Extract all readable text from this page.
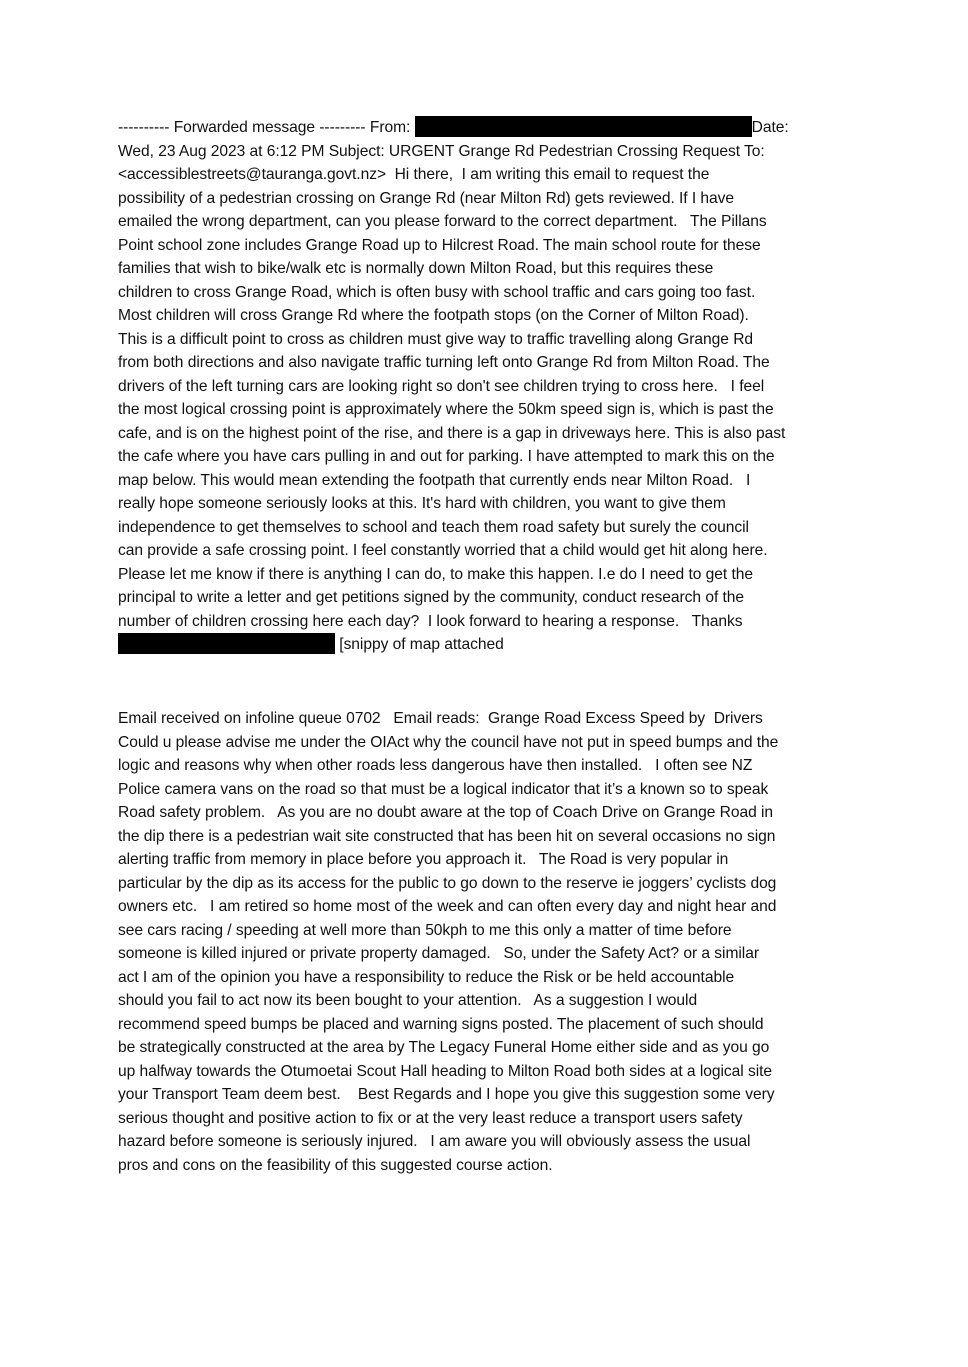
---------- Forwarded message --------- From:	Date:
Wed, 23 Aug 2023 at 6:12 PM Subject: URGENT Grange Rd Pedestrian Crossing Request To:
<accessiblestreets@tauranga.govt.nz>  Hi there,  I am writing this email to request the
possibility of a pedestrian crossing on Grange Rd (near Milton Rd) gets reviewed. If I have
emailed the wrong department, can you please forward to the correct department.   The Pillans
Point school zone includes Grange Road up to Hilcrest Road. The main school route for these
families that wish to bike/walk etc is normally down Milton Road, but this requires these
children to cross Grange Road, which is often busy with school traffic and cars going too fast.
Most children will cross Grange Rd where the footpath stops (on the Corner of Milton Road).
This is a difficult point to cross as children must give way to traffic travelling along Grange Rd
from both directions and also navigate traffic turning left onto Grange Rd from Milton Road. The
drivers of the left turning cars are looking right so don't see children trying to cross here.   I feel
the most logical crossing point is approximately where the 50km speed sign is, which is past the
cafe, and is on the highest point of the rise, and there is a gap in driveways here. This is also past
the cafe where you have cars pulling in and out for parking. I have attempted to mark this on the
map below. This would mean extending the footpath that currently ends near Milton Road.   I
really hope someone seriously looks at this. It's hard with children, you want to give them
independence to get themselves to school and teach them road safety but surely the council
can provide a safe crossing point. I feel constantly worried that a child would get hit along here.
Please let me know if there is anything I can do, to make this happen. I.e do I need to get the
principal to write a letter and get petitions signed by the community, conduct research of the
number of children crossing here each day?  I look forward to hearing a response.   Thanks
[snippy of map attached
Email received on infoline queue 0702   Email reads:  Grange Road Excess Speed by  Drivers
Could u please advise me under the OIAct why the council have not put in speed bumps and the
logic and reasons why when other roads less dangerous have then installed.   I often see NZ
Police camera vans on the road so that must be a logical indicator that it’s a known so to speak
Road safety problem.   As you are no doubt aware at the top of Coach Drive on Grange Road in
the dip there is a pedestrian wait site constructed that has been hit on several occasions no sign
alerting traffic from memory in place before you approach it.   The Road is very popular in
particular by the dip as its access for the public to go down to the reserve ie joggers’ cyclists dog
owners etc.   I am retired so home most of the week and can often every day and night hear and
see cars racing / speeding at well more than 50kph to me this only a matter of time before
someone is killed injured or private property damaged.   So, under the Safety Act? or a similar
act I am of the opinion you have a responsibility to reduce the Risk or be held accountable
should you fail to act now its been bought to your attention.   As a suggestion I would
recommend speed bumps be placed and warning signs posted. The placement of such should
be strategically constructed at the area by The Legacy Funeral Home either side and as you go
up halfway towards the Otumoetai Scout Hall heading to Milton Road both sides at a logical site
your Transport Team deem best.    Best Regards and I hope you give this suggestion some very
serious thought and positive action to fix or at the very least reduce a transport users safety
hazard before someone is seriously injured.   I am aware you will obviously assess the usual
pros and cons on the feasibility of this suggested course action.
